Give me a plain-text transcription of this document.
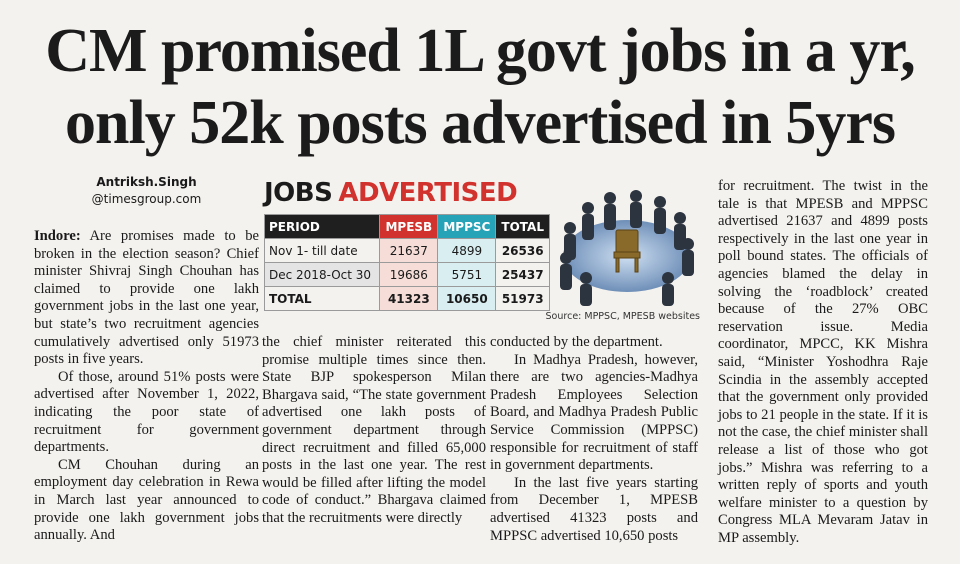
CM promised 1L govt jobs in a yr,
only 52k posts advertised in 5yrs
Antriksh.Singh
@timesgroup.com	JOBS ADVERTISED
PERIOD	MPESB	MPPSC	TOTAL
Nov 1- till date	21637	4899	26536
Dec 2018-Oct 30	19686	5751	25437
TOTAL	41323	10650	51973
Source: MPPSC, MPESB websites

Indore: Are promises made to be broken in the election season? Chief minister Shivraj Singh Chouhan has claimed to provide one lakh government jobs in the last one year, but state’s two recruitment agencies cumulatively advertised only 51973 posts in five years.

Of those, around 51% posts were advertised after November 1, 2022, indicating the poor state of recruitment for government departments.

CM Chouhan during an employment day celebration in Rewa in March last year announced to provide one lakh government jobs annually. And

the chief minister reiterated this promise multiple times since then. State BJP spokesperson Milan Bhargava said, “The state government advertised one lakh posts of government department through direct recruitment and filled 65,000 posts in the last one year. The rest would be filled after lifting the model code of conduct.” Bhargava claimed that the recruitments were directly

conducted by the department.

In Madhya Pradesh, however, there are two agencies-Madhya Pradesh Employees Selection Board, and Madhya Pradesh Public Service Commission (MPPSC) responsible for recruitment of staff in government departments.

In the last five years starting from December 1, MPESB advertised 41323 posts and MPPSC advertised 10,650 posts

for recruitment. The twist in the tale is that MPESB and MPPSC advertised 21637 and 4899 posts respectively in the last one year in poll bound states. The officials of agencies blamed the delay in solving the ‘roadblock’ created because of the 27% OBC reservation issue. Media coordinator, MPCC, KK Mishra said, “Minister Yoshodhra Raje Scindia in the assembly accepted that the government only provided jobs to 21 people in the state. If it is not the case, the chief minister shall release a list of those who got jobs.” Mishra was referring to a written reply of sports and youth welfare minister to a question by Congress MLA Mevaram Jatav in MP assembly.
